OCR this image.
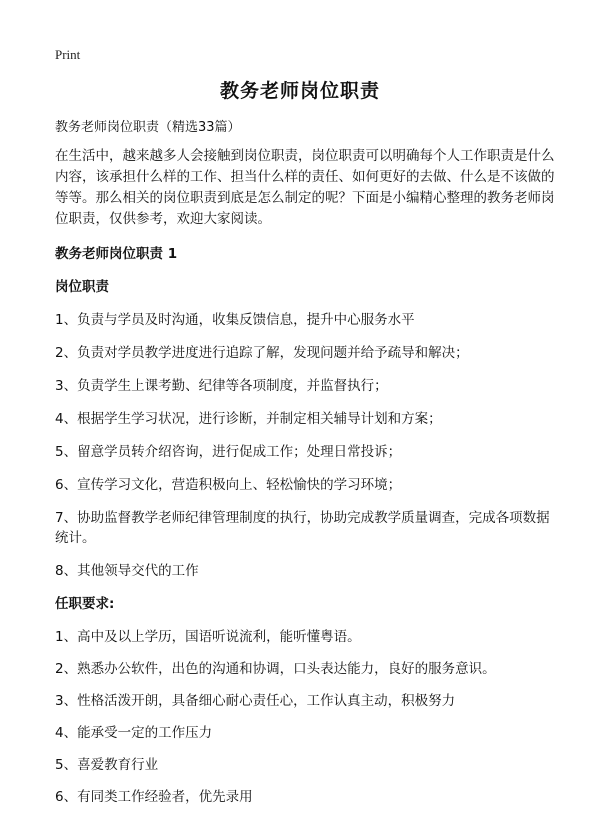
Print
教务老师岗位职责

教务老师岗位职责（精选33篇）

在生活中，越来越多人会接触到岗位职责，岗位职责可以明确每个人工作职责是什么内容，该承担什么样的工作、担当什么样的责任、如何更好的去做、什么是不该做的等等。那么相关的岗位职责到底是怎么制定的呢？下面是小编精心整理的教务老师岗位职责，仅供参考，欢迎大家阅读。

教务老师岗位职责 1

岗位职责

1、负责与学员及时沟通，收集反馈信息，提升中心服务水平
2、负责对学员教学进度进行追踪了解，发现问题并给予疏导和解决；
3、负责学生上课考勤、纪律等各项制度，并监督执行；
4、根据学生学习状况，进行诊断，并制定相关辅导计划和方案；
5、留意学员转介绍咨询，进行促成工作；处理日常投诉；
6、宣传学习文化，营造积极向上、轻松愉快的学习环境；
7、协助监督教学老师纪律管理制度的执行，协助完成教学质量调查，完成各项数据统计。
8、其他领导交代的工作

任职要求:

1、高中及以上学历，国语听说流利，能听懂粤语。
2、熟悉办公软件，出色的沟通和协调，口头表达能力，良好的服务意识。
3、性格活泼开朗，具备细心耐心责任心，工作认真主动，积极努力
4、能承受一定的工作压力
5、喜爱教育行业
6、有同类工作经验者，优先录用
